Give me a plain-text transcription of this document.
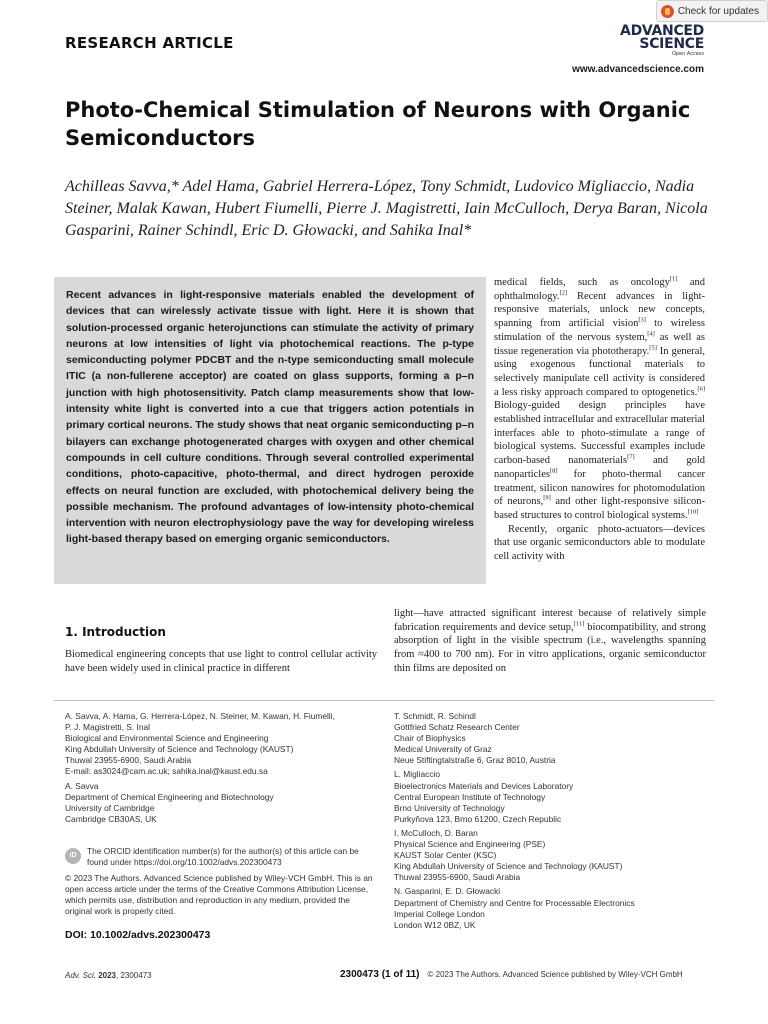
Check for updates
RESEARCH ARTICLE
ADVANCED
SCIENCE
Open Access
www.advancedscience.com
Photo-Chemical Stimulation of Neurons with Organic Semiconductors

Achilleas Savva,* Adel Hama, Gabriel Herrera-López, Tony Schmidt, Ludovico Migliaccio, Nadia Steiner, Malak Kawan, Hubert Fiumelli, Pierre J. Magistretti, Iain McCulloch, Derya Baran, Nicola Gasparini, Rainer Schindl, Eric D. Głowacki, and Sahika Inal*

Recent advances in light-responsive materials enabled the development of devices that can wirelessly activate tissue with light. Here it is shown that solution-processed organic heterojunctions can stimulate the activity of primary neurons at low intensities of light via photochemical reactions. The p-type semiconducting polymer PDCBT and the n-type semiconducting small molecule ITIC (a non-fullerene acceptor) are coated on glass supports, forming a p–n junction with high photosensitivity. Patch clamp measurements show that low-intensity white light is converted into a cue that triggers action potentials in primary cortical neurons. The study shows that neat organic semiconducting p–n bilayers can exchange photogenerated charges with oxygen and other chemical compounds in cell culture conditions. Through several controlled experimental conditions, photo-capacitive, photo-thermal, and direct hydrogen peroxide effects on neural function are excluded, with photochemical delivery being the possible mechanism. The profound advantages of low-intensity photo-chemical intervention with neuron electrophysiology pave the way for developing wireless light-based therapy based on emerging organic semiconductors.

medical fields, such as oncology[1] and ophthalmology.[2] Recent advances in light-responsive materials, unlock new concepts, spanning from artificial vision[3] to wireless stimulation of the nervous system,[4] as well as tissue regeneration via phototherapy.[5] In general, using exogenous functional materials to selectively manipulate cell activity is considered a less risky approach compared to optogenetics.[6] Biology-guided design principles have established intracellular and extracellular material interfaces able to photo-stimulate a range of biological systems. Successful examples include carbon-based nanomaterials[7] and gold nanoparticles[8] for photo-thermal cancer treatment, silicon nanowires for photomodulation of neurons,[9] and other light-responsive silicon-based structures to control biological systems.[10]

Recently, organic photo-actuators—devices that use organic semiconductors able to modulate cell activity with

light—have attracted significant interest because of relatively simple fabrication requirements and device setup,[11] biocompatibility, and strong absorption of light in the visible spectrum (i.e., wavelengths spanning from ≈400 to 700 nm). For in vitro applications, organic semiconductor thin films are deposited on

1. Introduction

Biomedical engineering concepts that use light to control cellular activity have been widely used in clinical practice in different

A. Savva, A. Hama, G. Herrera-López, N. Steiner, M. Kawan, H. Fiumelli,
P. J. Magistretti, S. Inal
Biological and Environmental Science and Engineering
King Abdullah University of Science and Technology (KAUST)
Thuwal 23955-6900, Saudi Arabia
E-mail: as3024@cam.ac.uk; sahika.inal@kaust.edu.sa
A. Savva
Department of Chemical Engineering and Biotechnology
University of Cambridge
Cambridge CB30AS, UK
T. Schmidt, R. Schindl
Gottfried Schatz Research Center
Chair of Biophysics
Medical University of Graz
Neue Stiftingtalstraße 6, Graz 8010, Austria
L. Migliaccio
Bioelectronics Materials and Devices Laboratory
Central European Institute of Technology
Brno University of Technology
Purkyňova 123, Brno 61200, Czech Republic
I. McCulloch, D. Baran
Physical Science and Engineering (PSE)
KAUST Solar Center (KSC)
King Abdullah University of Science and Technology (KAUST)
Thuwal 23955-6900, Saudi Arabia
N. Gasparini, E. D. Głowacki
Department of Chemistry and Centre for Processable Electronics
Imperial College London
London W12 0BZ, UK
iD	The ORCID identification number(s) for the author(s) of this article can be found under https://doi.org/10.1002/advs.202300473
© 2023 The Authors. Advanced Science published by Wiley-VCH GmbH. This is an open access article under the terms of the Creative Commons Attribution License, which permits use, distribution and reproduction in any medium, provided the original work is properly cited.
DOI: 10.1002/advs.202300473
Adv. Sci. 2023, 2300473	2300473 (1 of 11) © 2023 The Authors. Advanced Science published by Wiley-VCH GmbH
